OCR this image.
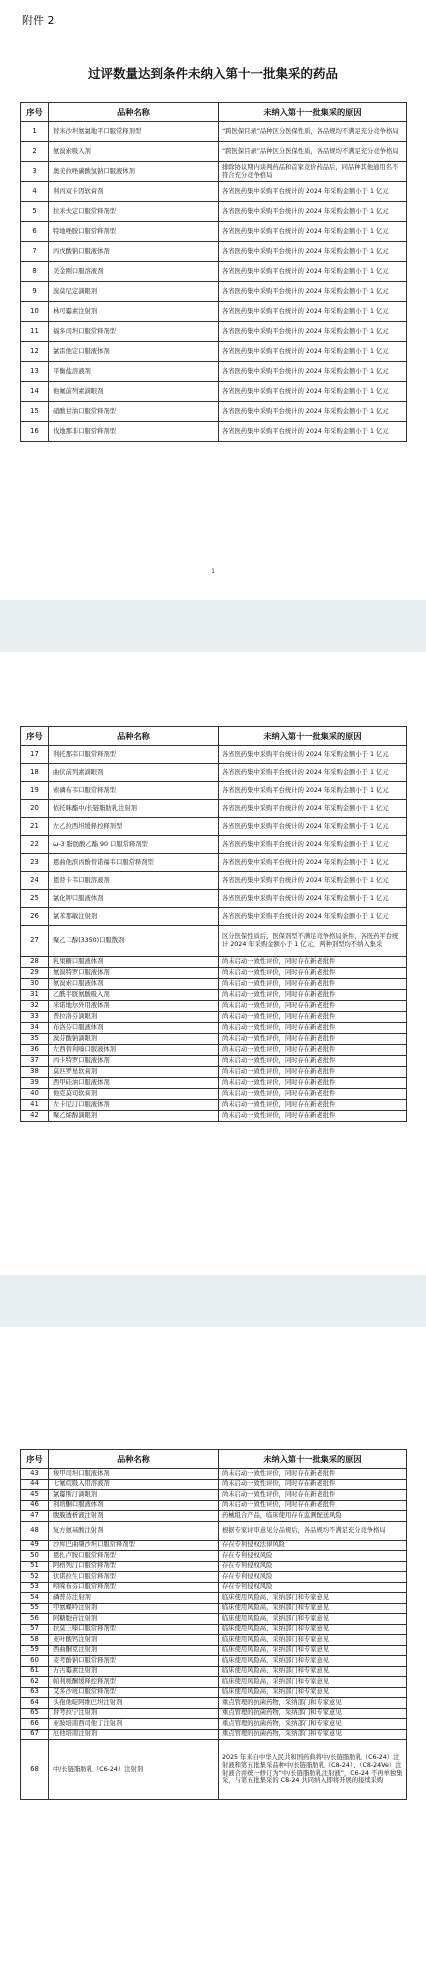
附件 2
过评数量达到条件未纳入第十一批集采的药品
序号	品种名称	未纳入第十一批集采的原因
1	替米沙坦氨氯地平口服常释剂型	“跨医保目录”品种区分医保性质，各品规均不满足充分竞争格局
2	氨溴索吸入剂	“跨医保目录”品种区分医保性质，各品规均不满足充分竞争格局
3	奥美拉唑碳酸氢钠口服液体剂	排除协议期内谈判药品和首家竞价药品后，同品种其他通用名不符合充分竞争格局
4	利丙双卡因软膏剂	各省医药集中采购平台统计的 2024 年采购金额小于 1 亿元
5	拉米夫定口服常释剂型	各省医药集中采购平台统计的 2024 年采购金额小于 1 亿元
6	特地唑胺口服常释剂型	各省医药集中采购平台统计的 2024 年采购金额小于 1 亿元
7	丙戊酸钠口服液体剂	各省医药集中采购平台统计的 2024 年采购金额小于 1 亿元
8	美金刚口服溶液剂	各省医药集中采购平台统计的 2024 年采购金额小于 1 亿元
9	溴莫尼定滴眼剂	各省医药集中采购平台统计的 2024 年采购金额小于 1 亿元
10	林可霉素注射剂	各省医药集中采购平台统计的 2024 年采购金额小于 1 亿元
11	福多司坦口服常释剂型	各省医药集中采购平台统计的 2024 年采购金额小于 1 亿元
12	氯雷他定口服液体剂	各省医药集中采购平台统计的 2024 年采购金额小于 1 亿元
13	平衡盐溶液剂	各省医药集中采购平台统计的 2024 年采购金额小于 1 亿元
14	他氟前列素滴眼剂	各省医药集中采购平台统计的 2024 年采购金额小于 1 亿元
15	硝酸甘油口服常释剂型	各省医药集中采购平台统计的 2024 年采购金额小于 1 亿元
16	伐地那非口服常释剂型	各省医药集中采购平台统计的 2024 年采购金额小于 1 亿元
1
序号	品种名称	未纳入第十一批集采的原因
17	利托那韦口服常释剂型	各省医药集中采购平台统计的 2024 年采购金额小于 1 亿元
18	曲伏前列素滴眼剂	各省医药集中采购平台统计的 2024 年采购金额小于 1 亿元
19	索磷布韦口服常释剂型	各省医药集中采购平台统计的 2024 年采购金额小于 1 亿元
20	依托咪酯中/长链脂肪乳注射剂	各省医药集中采购平台统计的 2024 年采购金额小于 1 亿元
21	左乙拉西坦缓释控释剂型	各省医药集中采购平台统计的 2024 年采购金额小于 1 亿元
22	ω-3 脂肪酸乙酯 90 口服常释剂型	各省医药集中采购平台统计的 2024 年采购金额小于 1 亿元
23	恩曲他滨丙酚替诺福韦口服常释剂型	各省医药集中采购平台统计的 2024 年采购金额小于 1 亿元
24	恩替卡韦口服溶液剂	各省医药集中采购平台统计的 2024 年采购金额小于 1 亿元
25	氯化钾口服液体剂	各省医药集中采购平台统计的 2024 年采购金额小于 1 亿元
26	氯苯那敏注射剂	各省医药集中采购平台统计的 2024 年采购金额小于 1 亿元
27	聚乙二醇(3350)口服散剂	区分医保性质后，医保剂型不满足竞争格局条件，各医药平台统计 2024 年采购金额小于 1 亿元，两种剂型均不纳入集采
28	乳果糖口服液体剂	尚未启动一致性评价，同时存在新老批件
29	氨溴特罗口服液体剂	尚未启动一致性评价，同时存在新老批件
30	氨溴索口服液体剂	尚未启动一致性评价，同时存在新老批件
31	乙酰半胱氨酸吸入剂	尚未启动一致性评价，同时存在新老批件
32	米诺地尔外用液体剂	尚未启动一致性评价，同时存在新老批件
33	普拉洛芬滴眼剂	尚未启动一致性评价，同时存在新老批件
34	布洛芬口服液体剂	尚未启动一致性评价，同时存在新老批件
35	溴芬酸钠滴眼剂	尚未启动一致性评价，同时存在新老批件
36	左西替利嗪口服液体剂	尚未启动一致性评价，同时存在新老批件
37	丙卡特罗口服液体剂	尚未启动一致性评价，同时存在新老批件
38	莫匹罗星软膏剂	尚未启动一致性评价，同时存在新老批件
39	西甲硅油口服液体剂	尚未启动一致性评价，同时存在新老批件
40	他克莫司软膏剂	尚未启动一致性评价，同时存在新老批件
41	左卡尼汀口服液体剂	尚未启动一致性评价，同时存在新老批件
42	聚乙烯醇滴眼剂	尚未启动一致性评价，同时存在新老批件
序号	品种名称	未纳入第十一批集采的原因
43	羧甲司坦口服液体剂	尚未启动一致性评价，同时存在新老批件
44	七氟烷吸入用溶液剂	尚未启动一致性评价，同时存在新老批件
45	氯霉斯汀滴眼剂	尚未启动一致性评价，同时存在新老批件
46	利培酮口服液体剂	尚未启动一致性评价，同时存在新老批件
47	腹膜透析液注射剂	药械组合产品，临床使用存在监测配送风险
48	复方氨基酸注射剂	根据专家评审意见分品规后，各品规均不满足充分竞争格局
49	沙库巴曲缬沙坦口服常释剂型	存在专利侵权法律风险
50	恩扎卢胺口服常释剂型	存在专利侵权风险
51	阿格列汀口服常释剂型	存在专利侵权风险
52	伏诺拉生口服常释剂型	存在专利侵权风险
53	吲哚布芬口服常释剂型	存在专利侵权风险
54	磷普芬注射剂	临床使用风险高，采纳部门和专家意见
55	甲氨蝶呤注射剂	临床使用风险高，采纳部门和专家意见
56	阿糖胞苷注射剂	临床使用风险高，采纳部门和专家意见
57	拉莫三嗪口服常释剂型	临床使用风险高，采纳部门和专家意见
58	亚叶酸钙注射剂	临床使用风险高，采纳部门和专家意见
59	西曲酮克注射剂	临床使用风险高，采纳部门和专家意见
60	麦考酚钠口服常释剂型	临床使用风险高，采纳部门和专家意见
61	万古霉素注射剂	临床使用风险高，采纳部门和专家意见
62	帕利哌酮缓释控释剂型	临床使用风险高，采纳部门和专家意见
63	艾多沙班口服常释剂型	临床使用风险高，采纳部门和专家意见
64	头孢他啶阿维巴坦注射剂	重点管理的抗菌药物，采纳部门和专家意见
65	替考拉宁注射剂	重点管理的抗菌药物，采纳部门和专家意见
66	亚胺培南西司他丁注射剂	重点管理的抗菌药物，采纳部门和专家意见
67	厄他培南注射剂	重点管理的抗菌药物，采纳部门和专家意见
68	中/长链脂肪乳（C6-24）注射剂	2025 年来自中华人民共和国药典将中/长链脂肪乳（C6-24）注射液和第五批集采品种中/长链脂肪乳（C8-24）、（C8-24Ve）注射液合并统一修订为“中/长链脂肪乳注射液”，C6-24 不再单独集采，与第五批集采的 C8-24 共同纳入即将开展的接续采购
